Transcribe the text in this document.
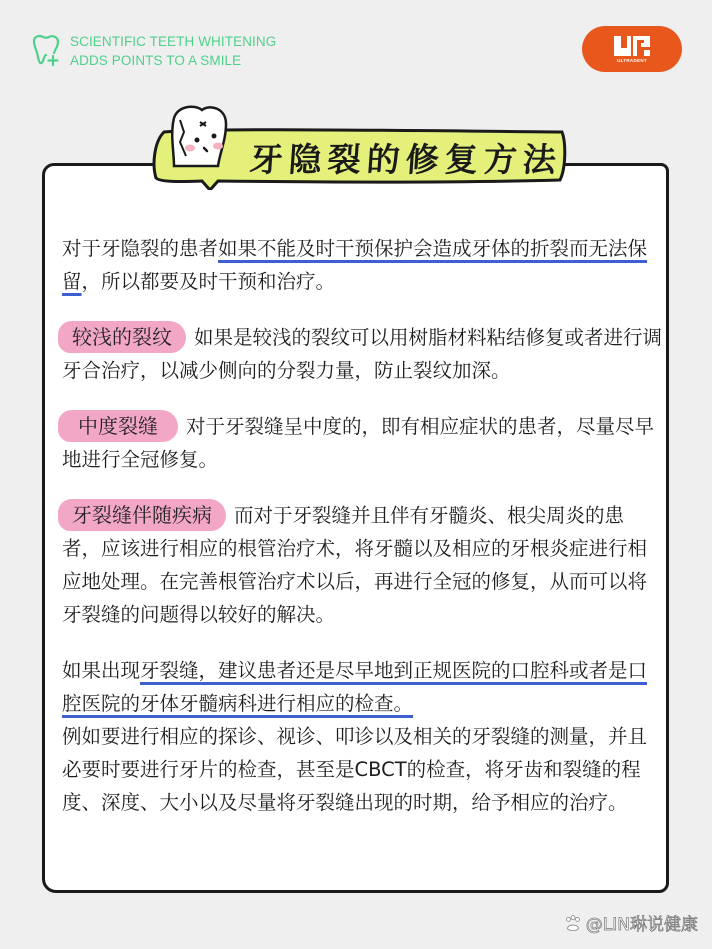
SCIENTIFIC TEETH WHITENING
ADDS POINTS TO A SMILE	ULTRADENT
牙隐裂的修复方法

对于牙隐裂的患者如果不能及时干预保护会造成牙体的折裂而无法保留，所以都要及时干预和治疗。

较浅的裂纹 如果是较浅的裂纹可以用树脂材料粘结修复或者进行调牙合治疗，以减少侧向的分裂力量，防止裂纹加深。

中度裂缝 对于牙裂缝呈中度的，即有相应症状的患者，尽量尽早地进行全冠修复。

牙裂缝伴随疾病 而对于牙裂缝并且伴有牙髓炎、根尖周炎的患者，应该进行相应的根管治疗术，将牙髓以及相应的牙根炎症进行相应地处理。在完善根管治疗术以后，再进行全冠的修复，从而可以将牙裂缝的问题得以较好的解决。

如果出现牙裂缝，建议患者还是尽早地到正规医院的口腔科或者是口腔医院的牙体牙髓病科进行相应的检查。

例如要进行相应的探诊、视诊、叩诊以及相关的牙裂缝的测量，并且必要时要进行牙片的检查，甚至是CBCT的检查，将牙齿和裂缝的程度、深度、大小以及尽量将牙裂缝出现的时期，给予相应的治疗。

@LIN琳说健康
